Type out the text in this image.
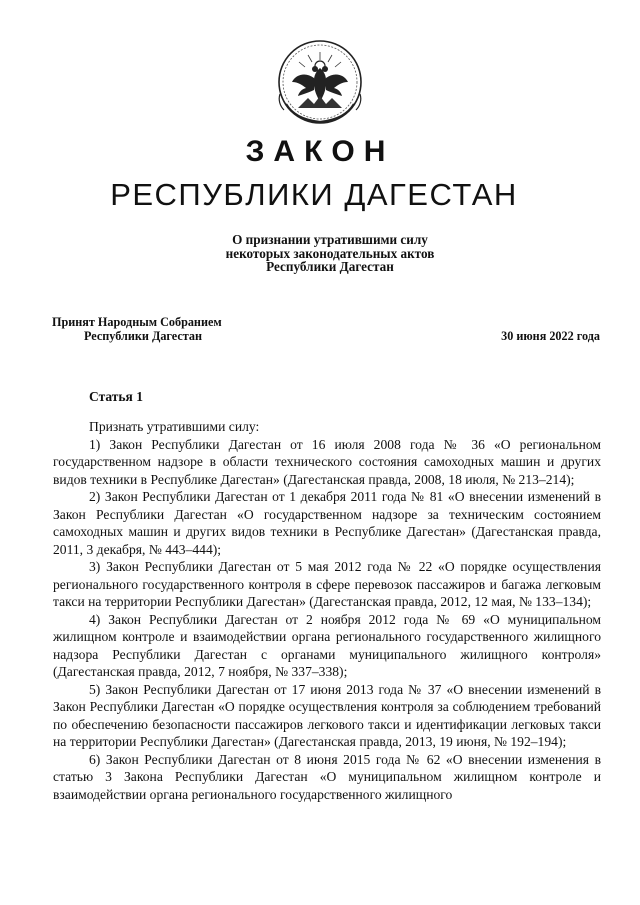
ЗАКОН
РЕСПУБЛИКИ ДАГЕСТАН
О признании утратившими силу
некоторых законодательных актов
Республики Дагестан
Принят Народным Собранием
Республики Дагестан	30 июня 2022 года
Статья 1

Признать утратившими силу:

1) Закон Республики Дагестан от 16 июля 2008 года № 36 «О региональном государственном надзоре в области технического состояния самоходных машин и других видов техники в Республике Дагестан» (Дагестанская правда, 2008, 18 июля, № 213–214);

2) Закон Республики Дагестан от 1 декабря 2011 года № 81 «О внесении изменений в Закон Республики Дагестан «О государственном надзоре за техническим состоянием самоходных машин и других видов техники в Республике Дагестан» (Дагестанская правда, 2011, 3 декабря, № 443–444);

3) Закон Республики Дагестан от 5 мая 2012 года № 22 «О порядке осуществления регионального государственного контроля в сфере перевозок пассажиров и багажа легковым такси на территории Республики Дагестан» (Дагестанская правда, 2012, 12 мая, № 133–134);

4) Закон Республики Дагестан от 2 ноября 2012 года № 69 «О муниципальном жилищном контроле и взаимодействии органа регионального государственного жилищного надзора Республики Дагестан с органами муниципального жилищного контроля» (Дагестанская правда, 2012, 7 ноября, № 337–338);

5) Закон Республики Дагестан от 17 июня 2013 года № 37 «О внесении изменений в Закон Республики Дагестан «О порядке осуществления контроля за соблюдением требований по обеспечению безопасности пассажиров легкового такси и идентификации легковых такси на территории Республики Дагестан» (Дагестанская правда, 2013, 19 июня, № 192–194);

6) Закон Республики Дагестан от 8 июня 2015 года № 62 «О внесении изменения в статью 3 Закона Республики Дагестан «О муниципальном жилищном контроле и взаимодействии органа регионального государственного жилищного
